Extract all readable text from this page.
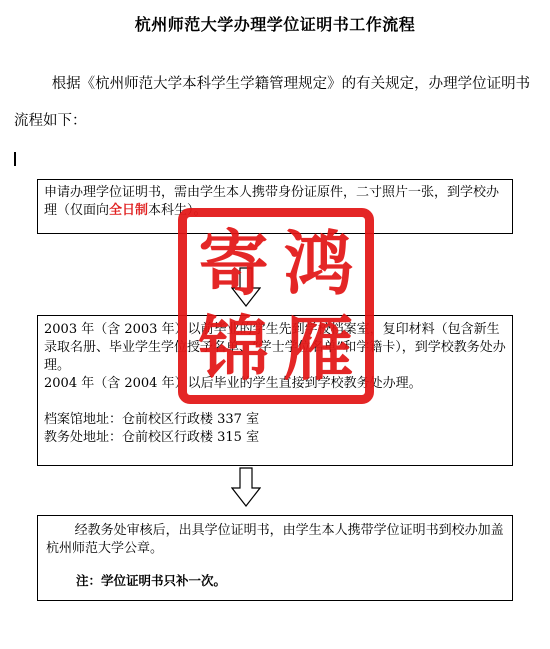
杭州师范大学办理学位证明书工作流程
根据《杭州师范大学本科学生学籍管理规定》的有关规定，办理学位证明书流程如下：
申请办理学位证明书，需由学生本人携带身份证原件，二寸照片一张，到学校办理（仅面向全日制本科生）。
2003 年（含 2003 年）以前毕业的学生先到学校档案室，复印材料（包含新生录取名册、毕业学生学位授予名单、“学士学位名单”和学籍卡），到学校教务处办理。
2004 年（含 2004 年）以后毕业的学生直接到学校教务处办理。
档案馆地址：仓前校区行政楼 337 室
教务处地址：仓前校区行政楼 315 室
经教务处审核后，出具学位证明书，由学生本人携带学位证明书到校办加盖杭州师范大学公章。
注：学位证明书只补一次。
寄 鸿
锦 雁
